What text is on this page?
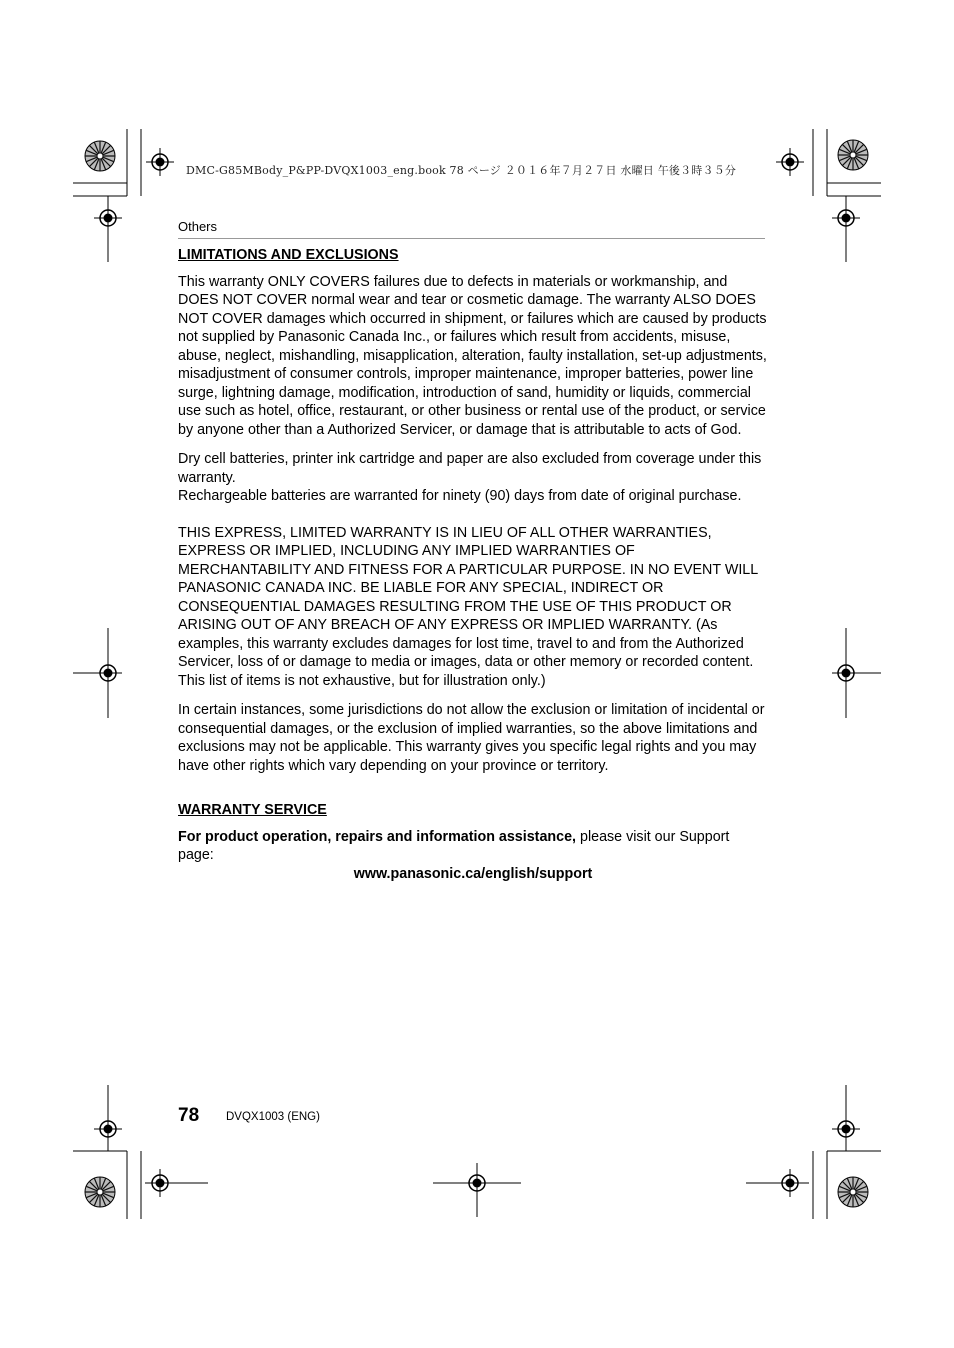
DMC-G85MBody_P&PP-DVQX1003_eng.book 78 ページ ２０１６年７月２７日 水曜日 午後３時３５分
Others
LIMITATIONS AND EXCLUSIONS

This warranty ONLY COVERS failures due to defects in materials or workmanship, and DOES NOT COVER normal wear and tear or cosmetic damage. The warranty ALSO DOES NOT COVER damages which occurred in shipment, or failures which are caused by products not supplied by Panasonic Canada Inc., or failures which result from accidents, misuse, abuse, neglect, mishandling, misapplication, alteration, faulty installation, set-up adjustments, misadjustment of consumer controls, improper maintenance, improper batteries, power line surge, lightning damage, modification, introduction of sand, humidity or liquids, commercial use such as hotel, office, restaurant, or other business or rental use of the product, or service by anyone other than a Authorized Servicer, or damage that is attributable to acts of God.

Dry cell batteries, printer ink cartridge and paper are also excluded from coverage under this warranty.

Rechargeable batteries are warranted for ninety (90) days from date of original purchase.

THIS EXPRESS, LIMITED WARRANTY IS IN LIEU OF ALL OTHER WARRANTIES, EXPRESS OR IMPLIED, INCLUDING ANY IMPLIED WARRANTIES OF MERCHANTABILITY AND FITNESS FOR A PARTICULAR PURPOSE. IN NO EVENT WILL PANASONIC CANADA INC. BE LIABLE FOR ANY SPECIAL, INDIRECT OR CONSEQUENTIAL DAMAGES RESULTING FROM THE USE OF THIS PRODUCT OR ARISING OUT OF ANY BREACH OF ANY EXPRESS OR IMPLIED WARRANTY. (As examples, this warranty excludes damages for lost time, travel to and from the Authorized Servicer, loss of or damage to media or images, data or other memory or recorded content. This list of items is not exhaustive, but for illustration only.)

In certain instances, some jurisdictions do not allow the exclusion or limitation of incidental or consequential damages, or the exclusion of implied warranties, so the above limitations and exclusions may not be applicable. This warranty gives you specific legal rights and you may have other rights which vary depending on your province or territory.

WARRANTY SERVICE

For product operation, repairs and information assistance, please visit our Support page:

www.panasonic.ca/english/support

78 DVQX1003 (ENG)
